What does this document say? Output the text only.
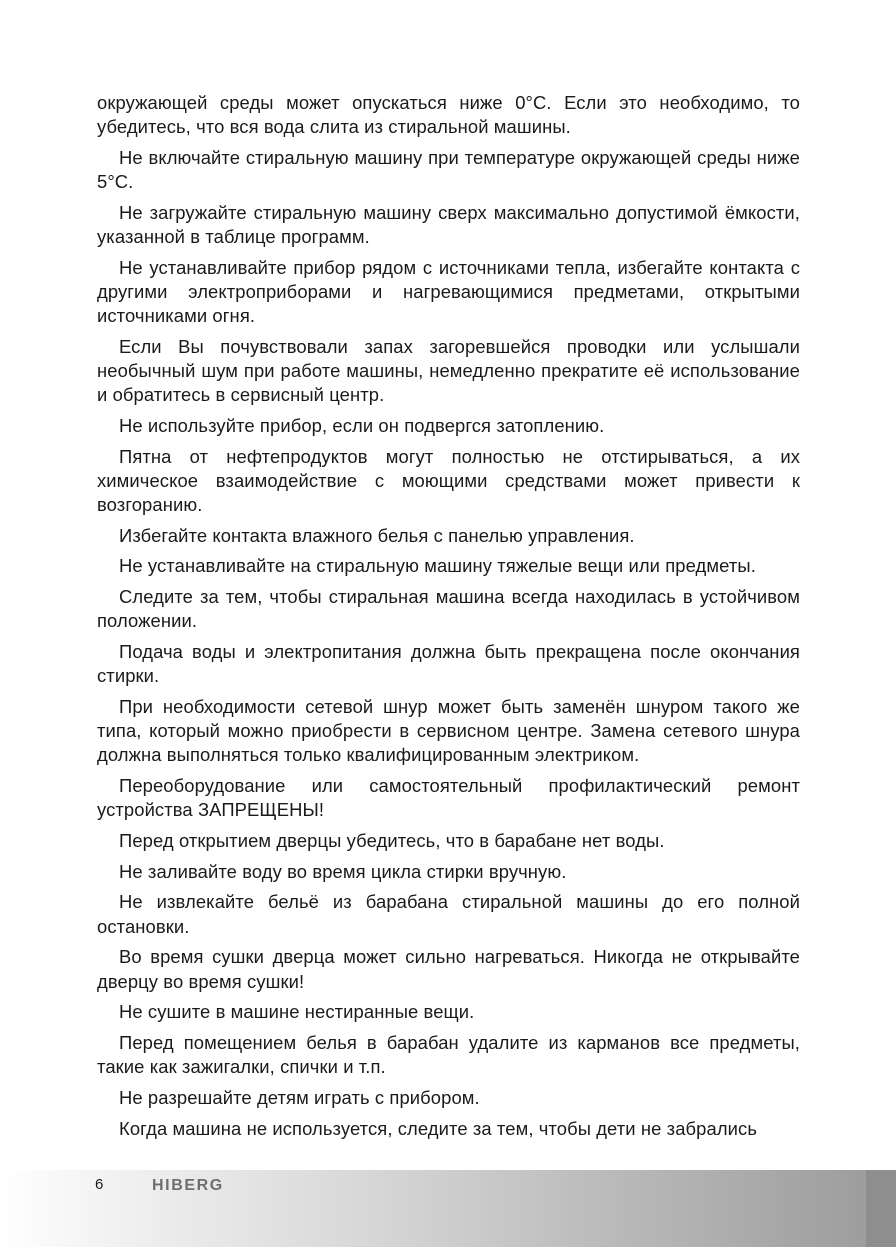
окружающей среды может опускаться ниже 0°С. Если это необходимо, то убедитесь, что вся вода слита из стиральной машины.

Не включайте стиральную машину при температуре окружающей среды ниже 5°С.

Не загружайте стиральную машину сверх максимально допустимой ёмкости, указанной в таблице программ.

Не устанавливайте прибор рядом с источниками тепла, избегайте контакта с другими электроприборами и нагревающимися предметами, открытыми источниками огня.

Если Вы почувствовали запах загоревшейся проводки или услышали необычный шум при работе машины, немедленно прекратите её использование и обратитесь в сервисный центр.

Не используйте прибор, если он подвергся затоплению.

Пятна от нефтепродуктов могут полностью не отстирываться, а их химическое взаимодействие с моющими средствами может привести к возгоранию.

Избегайте контакта влажного белья с панелью управления.

Не устанавливайте на стиральную машину тяжелые вещи или предметы.

Следите за тем, чтобы стиральная машина всегда находилась в устойчивом положении.

Подача воды и электропитания должна быть прекращена после окончания стирки.

При необходимости сетевой шнур может быть заменён шнуром такого же типа, который можно приобрести в сервисном центре. Замена сетевого шнура должна выполняться только квалифицированным электриком.

Переоборудование или самостоятельный профилактический ремонт устройства ЗАПРЕЩЕНЫ!

Перед открытием дверцы убедитесь, что в барабане нет воды.

Не заливайте воду во время цикла стирки вручную.

Не извлекайте бельё из барабана стиральной машины до его полной остановки.

Во время сушки дверца может сильно нагреваться. Никогда не открывайте дверцу во время сушки!

Не сушите в машине нестиранные вещи.

Перед помещением белья в барабан удалите из карманов все предметы, такие как зажигалки, спички и т.п.

Не разрешайте детям играть с прибором.

Когда машина не используется, следите за тем, чтобы дети не забрались

6	HIBERG
